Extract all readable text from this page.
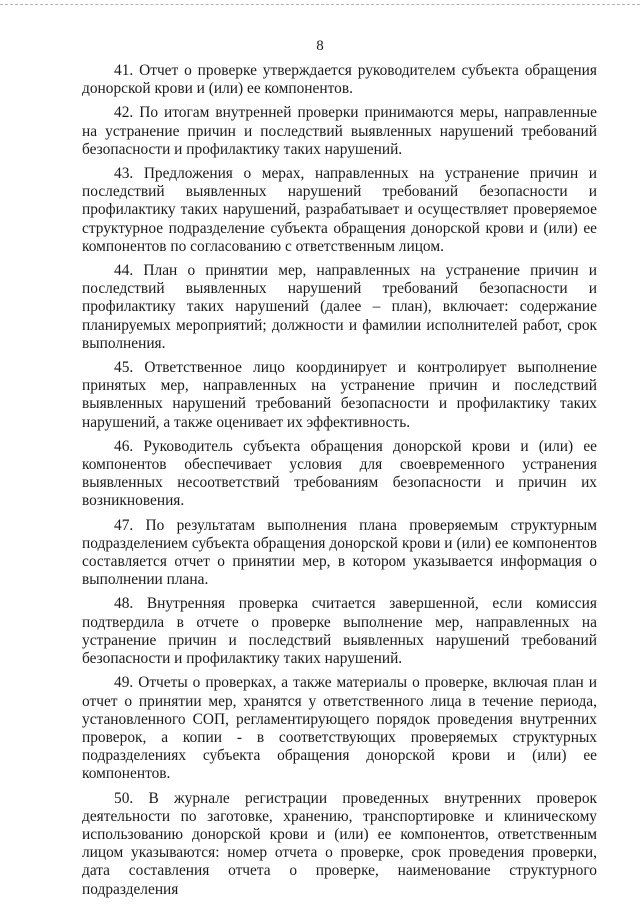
8

41. Отчет о проверке утверждается руководителем субъекта обращения донорской крови и (или) ее компонентов.

42. По итогам внутренней проверки принимаются меры, направленные на устранение причин и последствий выявленных нарушений требований безопасности и профилактику таких нарушений.

43. Предложения о мерах, направленных на устранение причин и последствий выявленных нарушений требований безопасности и профилактику таких нарушений, разрабатывает и осуществляет проверяемое структурное подразделение субъекта обращения донорской крови и (или) ее компонентов по согласованию с ответственным лицом.

44. План о принятии мер, направленных на устранение причин и последствий выявленных нарушений требований безопасности и профилактику таких нарушений (далее – план), включает: содержание планируемых мероприятий; должности и фамилии исполнителей работ, срок выполнения.

45. Ответственное лицо координирует и контролирует выполнение принятых мер, направленных на устранение причин и последствий выявленных нарушений требований безопасности и профилактику таких нарушений, а также оценивает их эффективность.

46. Руководитель субъекта обращения донорской крови и (или) ее компонентов обеспечивает условия для своевременного устранения выявленных несоответствий требованиям безопасности и причин их возникновения.

47. По результатам выполнения плана проверяемым структурным подразделением субъекта обращения донорской крови и (или) ее компонентов составляется отчет о принятии мер, в котором указывается информация о выполнении плана.

48. Внутренняя проверка считается завершенной, если комиссия подтвердила в отчете о проверке выполнение мер, направленных на устранение причин и последствий выявленных нарушений требований безопасности и профилактику таких нарушений.

49. Отчеты о проверках, а также материалы о проверке, включая план и отчет о принятии мер, хранятся у ответственного лица в течение периода, установленного СОП, регламентирующего порядок проведения внутренних проверок, а копии - в соответствующих проверяемых структурных подразделениях субъекта обращения донорской крови и (или) ее компонентов.

50. В журнале регистрации проведенных внутренних проверок деятельности по заготовке, хранению, транспортировке и клиническому использованию донорской крови и (или) ее компонентов, ответственным лицом указываются: номер отчета о проверке, срок проведения проверки, дата составления отчета о проверке, наименование структурного подразделения
